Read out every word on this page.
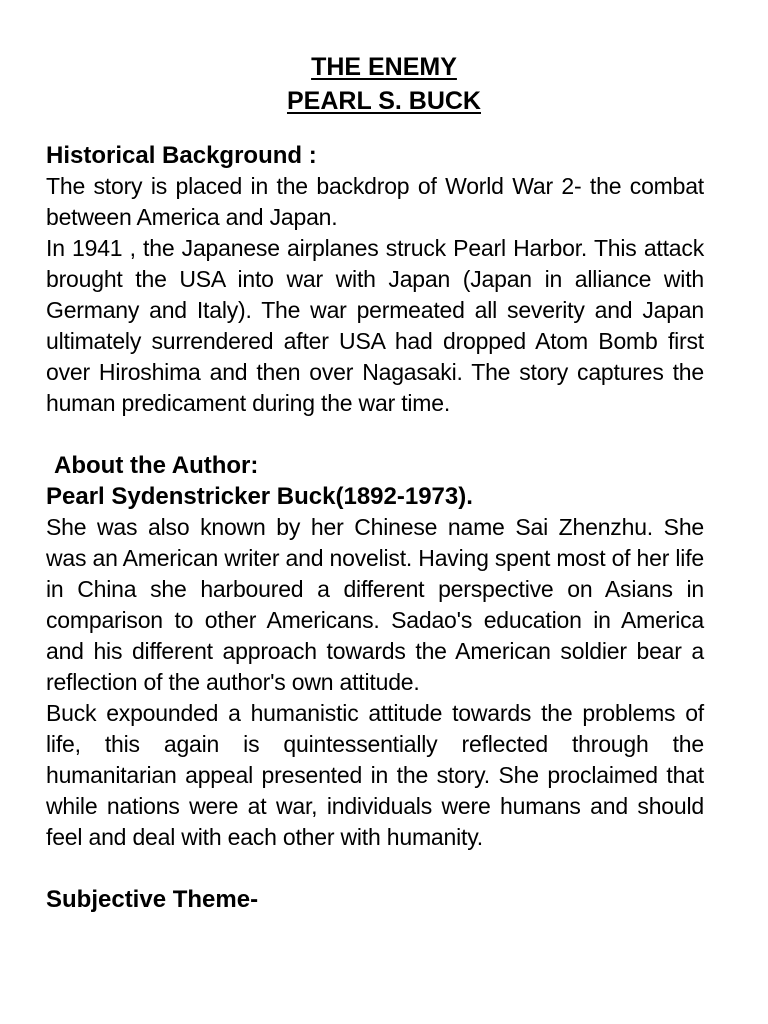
THE ENEMY
PEARL S. BUCK
Historical Background :

The story is placed in the backdrop of World War 2- the combat between America and Japan.

In 1941 , the Japanese airplanes struck Pearl Harbor. This attack brought the USA into war with Japan (Japan in alliance with Germany and Italy). The war permeated all severity and Japan ultimately surrendered after USA had dropped Atom Bomb first over Hiroshima and then over Nagasaki. The story captures the human predicament during the war time.

About the Author:
Pearl Sydenstricker Buck(1892-1973).

She was also known by her Chinese name Sai Zhenzhu. She was an American writer and novelist. Having spent most of her life in China she harboured a different perspective on Asians in comparison to other Americans. Sadao's education in America and his different approach towards the American soldier bear a reflection of the author's own attitude.

Buck expounded a humanistic attitude towards the problems of life, this again is quintessentially reflected through the humanitarian appeal presented in the story. She proclaimed that while nations were at war, individuals were humans and should feel and deal with each other with humanity.

Subjective Theme-
